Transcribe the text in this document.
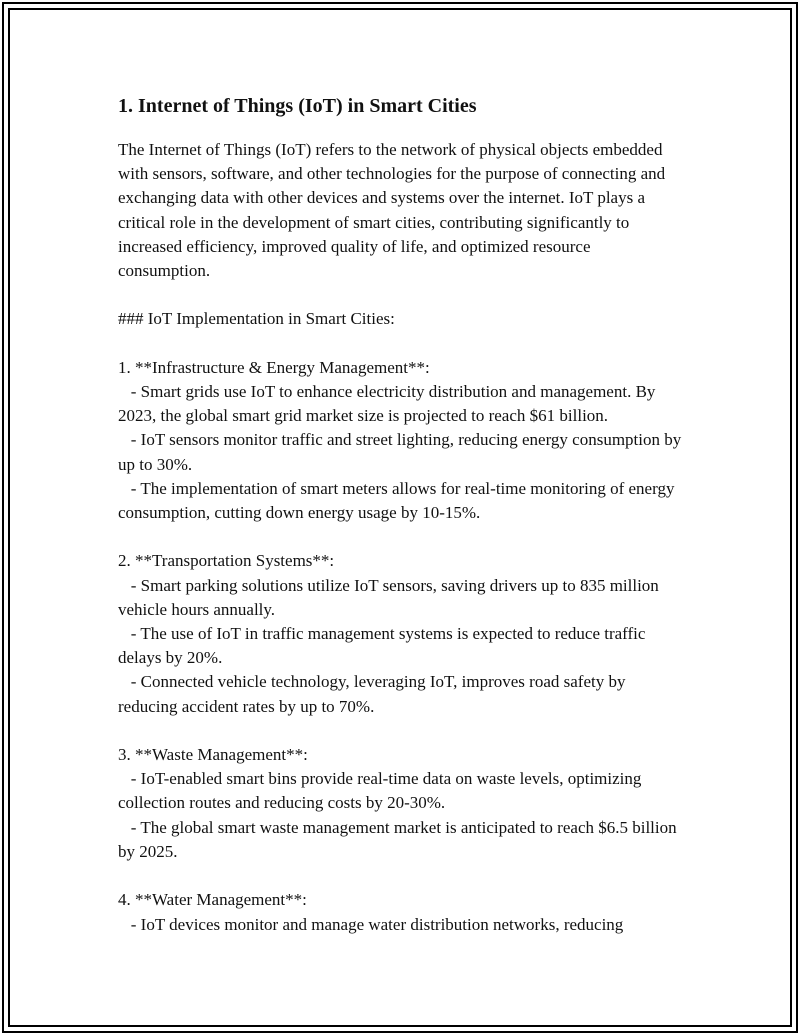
1. Internet of Things (IoT) in Smart Cities

The Internet of Things (IoT) refers to the network of physical objects embedded with sensors, software, and other technologies for the purpose of connecting and exchanging data with other devices and systems over the internet. IoT plays a critical role in the development of smart cities, contributing significantly to increased efficiency, improved quality of life, and optimized resource consumption.

### IoT Implementation in Smart Cities:

1. **Infrastructure & Energy Management**:
- Smart grids use IoT to enhance electricity distribution and management. By 2023, the global smart grid market size is projected to reach $61 billion.
- IoT sensors monitor traffic and street lighting, reducing energy consumption by up to 30%.
- The implementation of smart meters allows for real-time monitoring of energy consumption, cutting down energy usage by 10-15%.

2. **Transportation Systems**:
- Smart parking solutions utilize IoT sensors, saving drivers up to 835 million vehicle hours annually.
- The use of IoT in traffic management systems is expected to reduce traffic delays by 20%.
- Connected vehicle technology, leveraging IoT, improves road safety by reducing accident rates by up to 70%.

3. **Waste Management**:
- IoT-enabled smart bins provide real-time data on waste levels, optimizing collection routes and reducing costs by 20-30%.
- The global smart waste management market is anticipated to reach $6.5 billion by 2025.

4. **Water Management**:
- IoT devices monitor and manage water distribution networks, reducing
